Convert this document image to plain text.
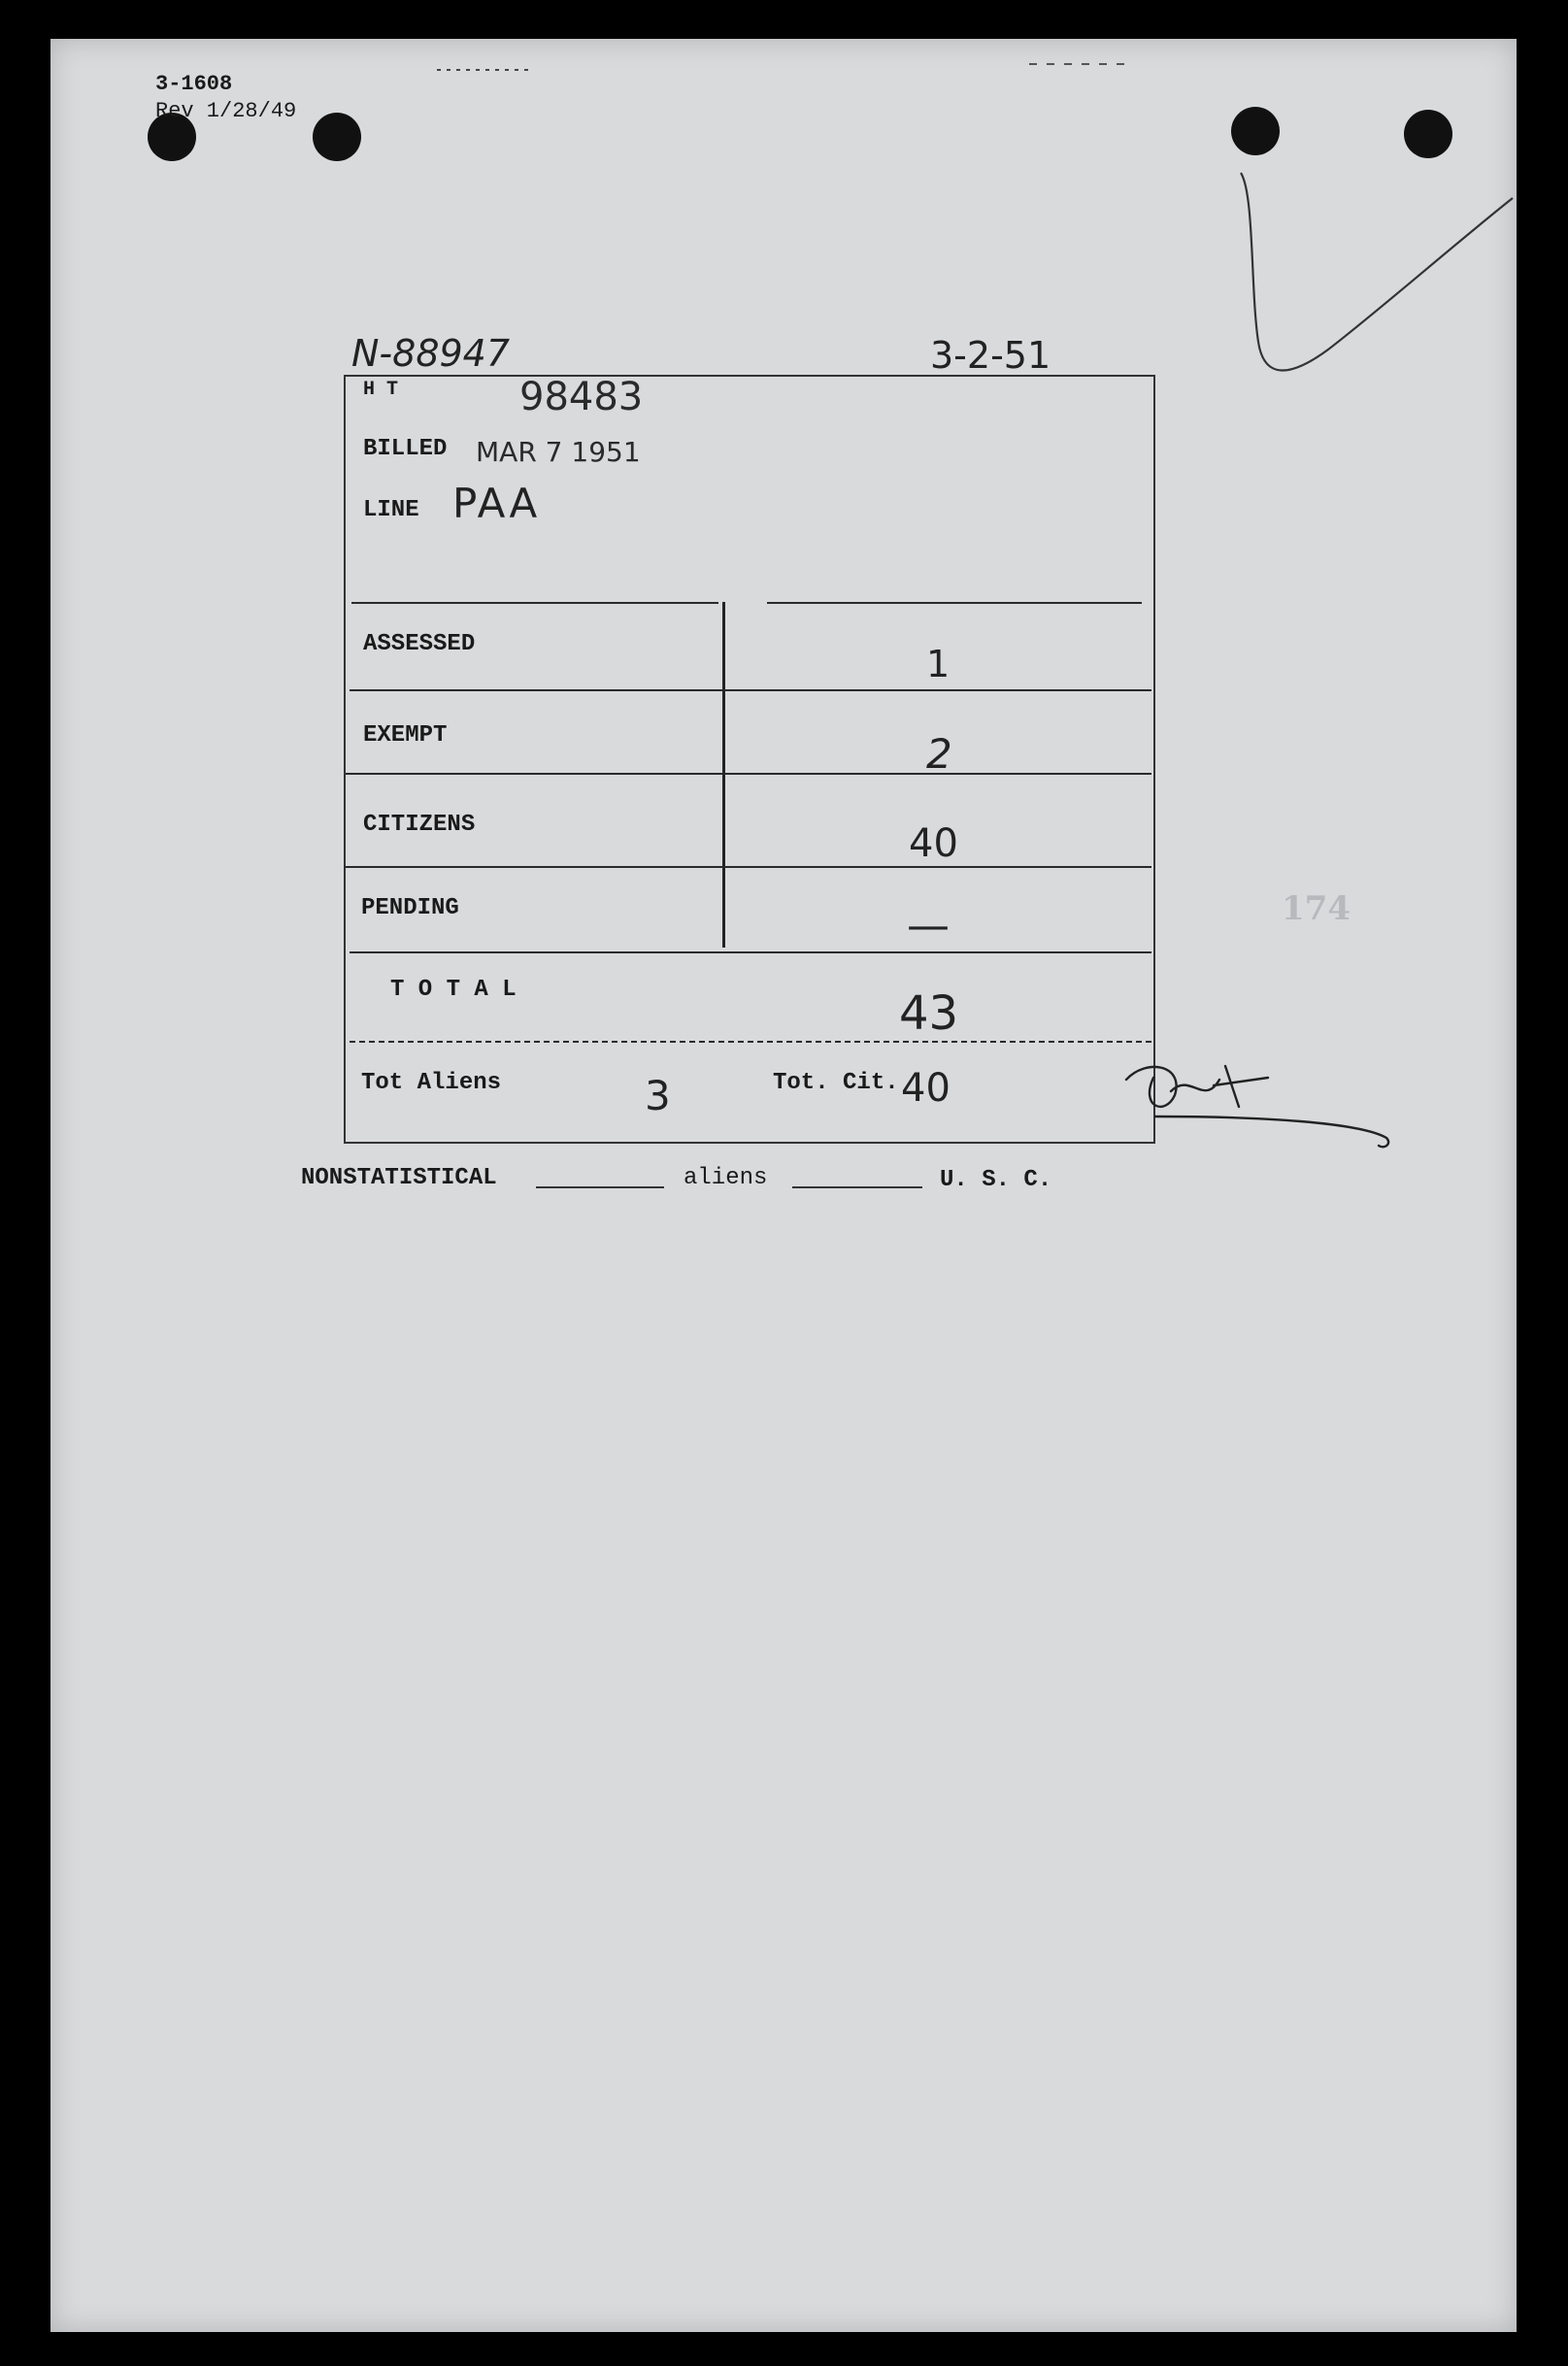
3-1608
Rev 1/28/49
N-88947	3-2-51
H T	98483
BILLED MAR 7 1951
LINE PAA
ASSESSED	1
EXEMPT	2
CITIZENS	40
PENDING	—
T O T A L	43
Tot Aliens	3	Tot. Cit. 40
NONSTATISTICAL	aliens	U. S. C.
174
